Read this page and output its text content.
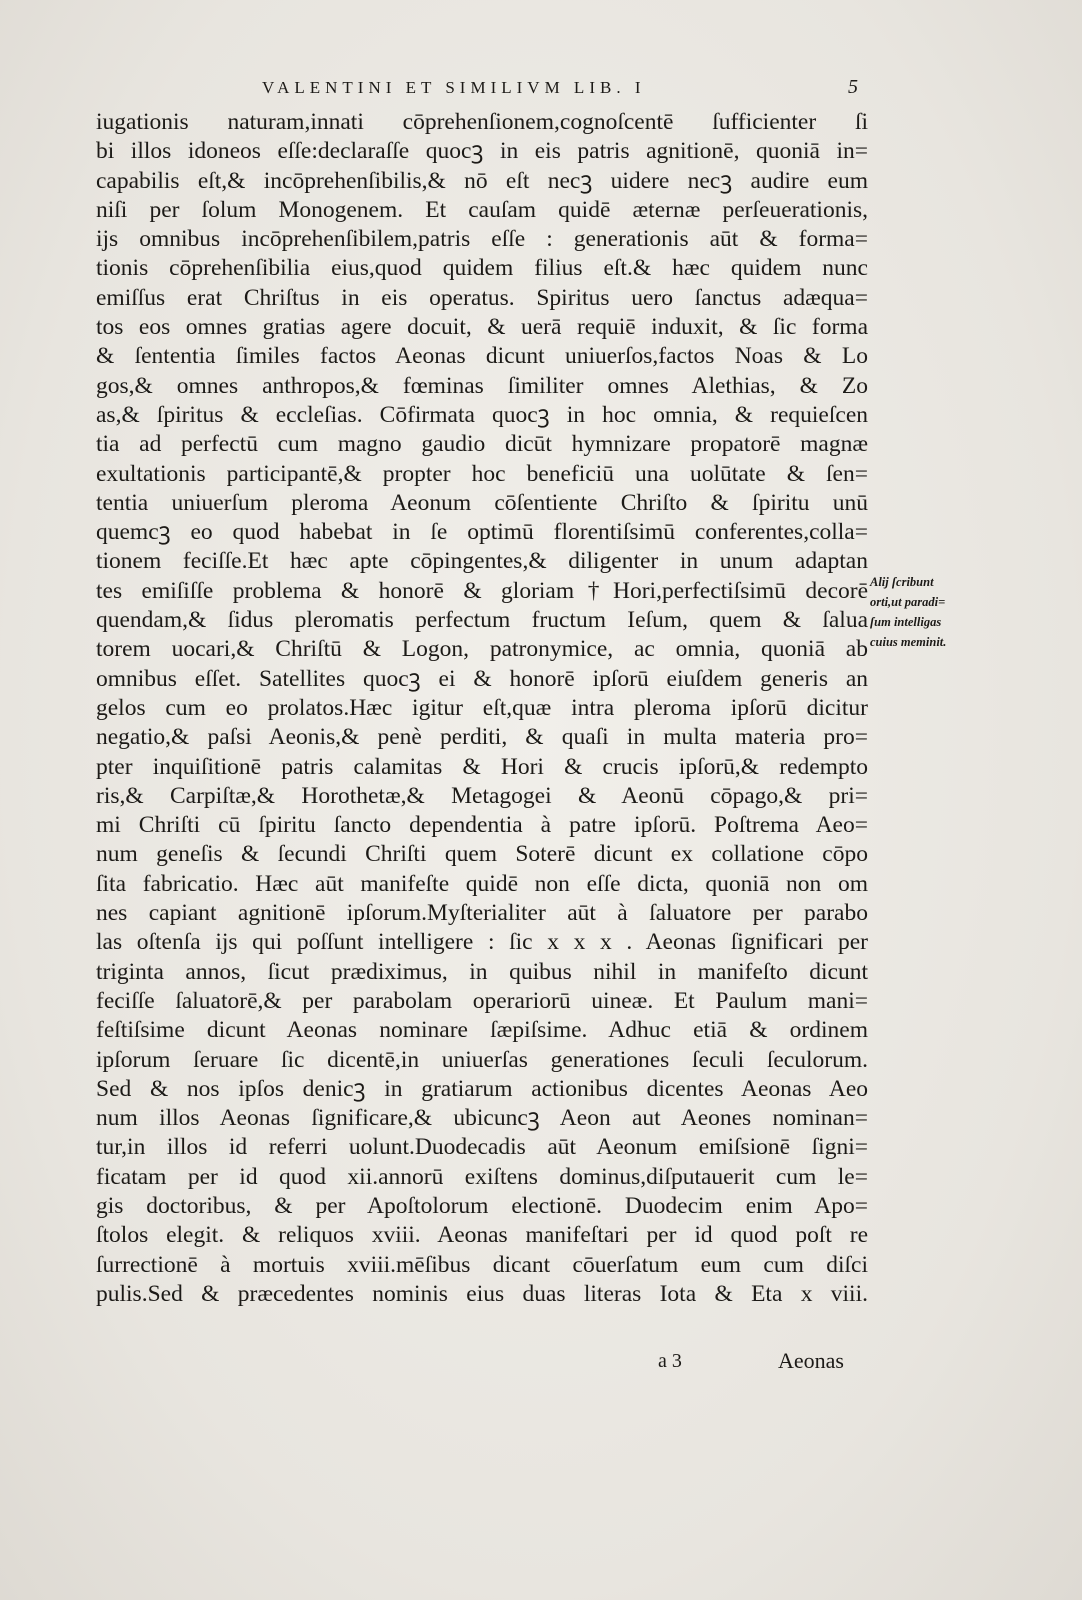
VALENTINI ET SIMILIVM LIB. I	5
iugationis naturam,innati cōprehenſionem,cognoſcentē ſufficienter ſi
bi illos idoneos eſſe:declaraſſe quocꝫ in eis patris agnitionē, quoniā in=
capabilis eſt,& incōprehenſibilis,& nō eſt necꝫ uidere necꝫ audire eum
niſi per ſolum Monogenem. Et cauſam quidē æternæ perſeuerationis,
ijs omnibus incōprehenſibilem,patris eſſe : generationis aūt & forma=
tionis cōprehenſibilia eius,quod quidem filius eſt.& hæc quidem nunc
emiſſus erat Chriſtus in eis operatus. Spiritus uero ſanctus adæqua=
tos eos omnes gratias agere docuit, & uerā requiē induxit, & ſic forma
& ſententia ſimiles factos Aeonas dicunt uniuerſos,factos Noas & Lo
gos,& omnes anthropos,& fœminas ſimiliter omnes Alethias, & Zo
as,& ſpiritus & eccleſias. Cōfirmata quocꝫ in hoc omnia, & requieſcen
tia ad perfectū cum magno gaudio dicūt hymnizare propatorē magnæ
exultationis participantē,& propter hoc beneficiū una uolūtate & ſen=
tentia uniuerſum pleroma Aeonum cōſentiente Chriſto & ſpiritu unū
quemcꝫ eo quod habebat in ſe optimū florentiſsimū conferentes,colla=
tionem feciſſe.Et hæc apte cōpingentes,& diligenter in unum adaptan
tes emiſiſſe problema & honorē & gloriam†Hori,perfectiſsimū decorē
quendam,& ſidus pleromatis perfectum fructum Ieſum, quem & ſalua
torem uocari,& Chriſtū & Logon, patronymice, ac omnia, quoniā ab
omnibus eſſet. Satellites quocꝫ ei & honorē ipſorū eiuſdem generis an
gelos cum eo prolatos.Hæc igitur eſt,quæ intra pleroma ipſorū dicitur
negatio,& paſsi Aeonis,& penè perditi, & quaſi in multa materia pro=
pter inquiſitionē patris calamitas & Hori & crucis ipſorū,& redempto
ris,& Carpiſtæ,& Horothetæ,& Metagogei & Aeonū cōpago,& pri=
mi Chriſti cū ſpiritu ſancto dependentia à patre ipſorū. Poſtrema Aeo=
num geneſis & ſecundi Chriſti quem Soterē dicunt ex collatione cōpo
ſita fabricatio. Hæc aūt manifeſte quidē non eſſe dicta, quoniā non om
nes capiant agnitionē ipſorum.Myſterialiter aūt à ſaluatore per parabo
las oſtenſa ijs qui poſſunt intelligere : ſic x x x . Aeonas ſignificari per
triginta annos, ſicut prædiximus, in quibus nihil in manifeſto dicunt
feciſſe ſaluatorē,& per parabolam operariorū uineæ. Et Paulum mani=
feſtiſsime dicunt Aeonas nominare ſæpiſsime. Adhuc etiā & ordinem
ipſorum ſeruare ſic dicentē,in uniuerſas generationes ſeculi ſeculorum.
Sed & nos ipſos denicꝫ in gratiarum actionibus dicentes Aeonas Aeo
num illos Aeonas ſignificare,& ubicuncꝫ Aeon aut Aeones nominan=
tur,in illos id referri uolunt.Duodecadis aūt Aeonum emiſsionē ſigni=
ficatam per id quod xii.annorū exiſtens dominus,diſputauerit cum le=
gis doctoribus, & per Apoſtolorum electionē. Duodecim enim Apo=
ſtolos elegit. & reliquos xviii. Aeonas manifeſtari per id quod poſt re
ſurrectionē à mortuis xviii.mēſibus dicant cōuerſatum eum cum diſci
pulis.Sed & præcedentes nominis eius duas literas Iota & Eta x viii.
Alij ſcribunt
orti,ut paradi=
ſum intelligas
cuius meminit.
a 3	Aeonas
